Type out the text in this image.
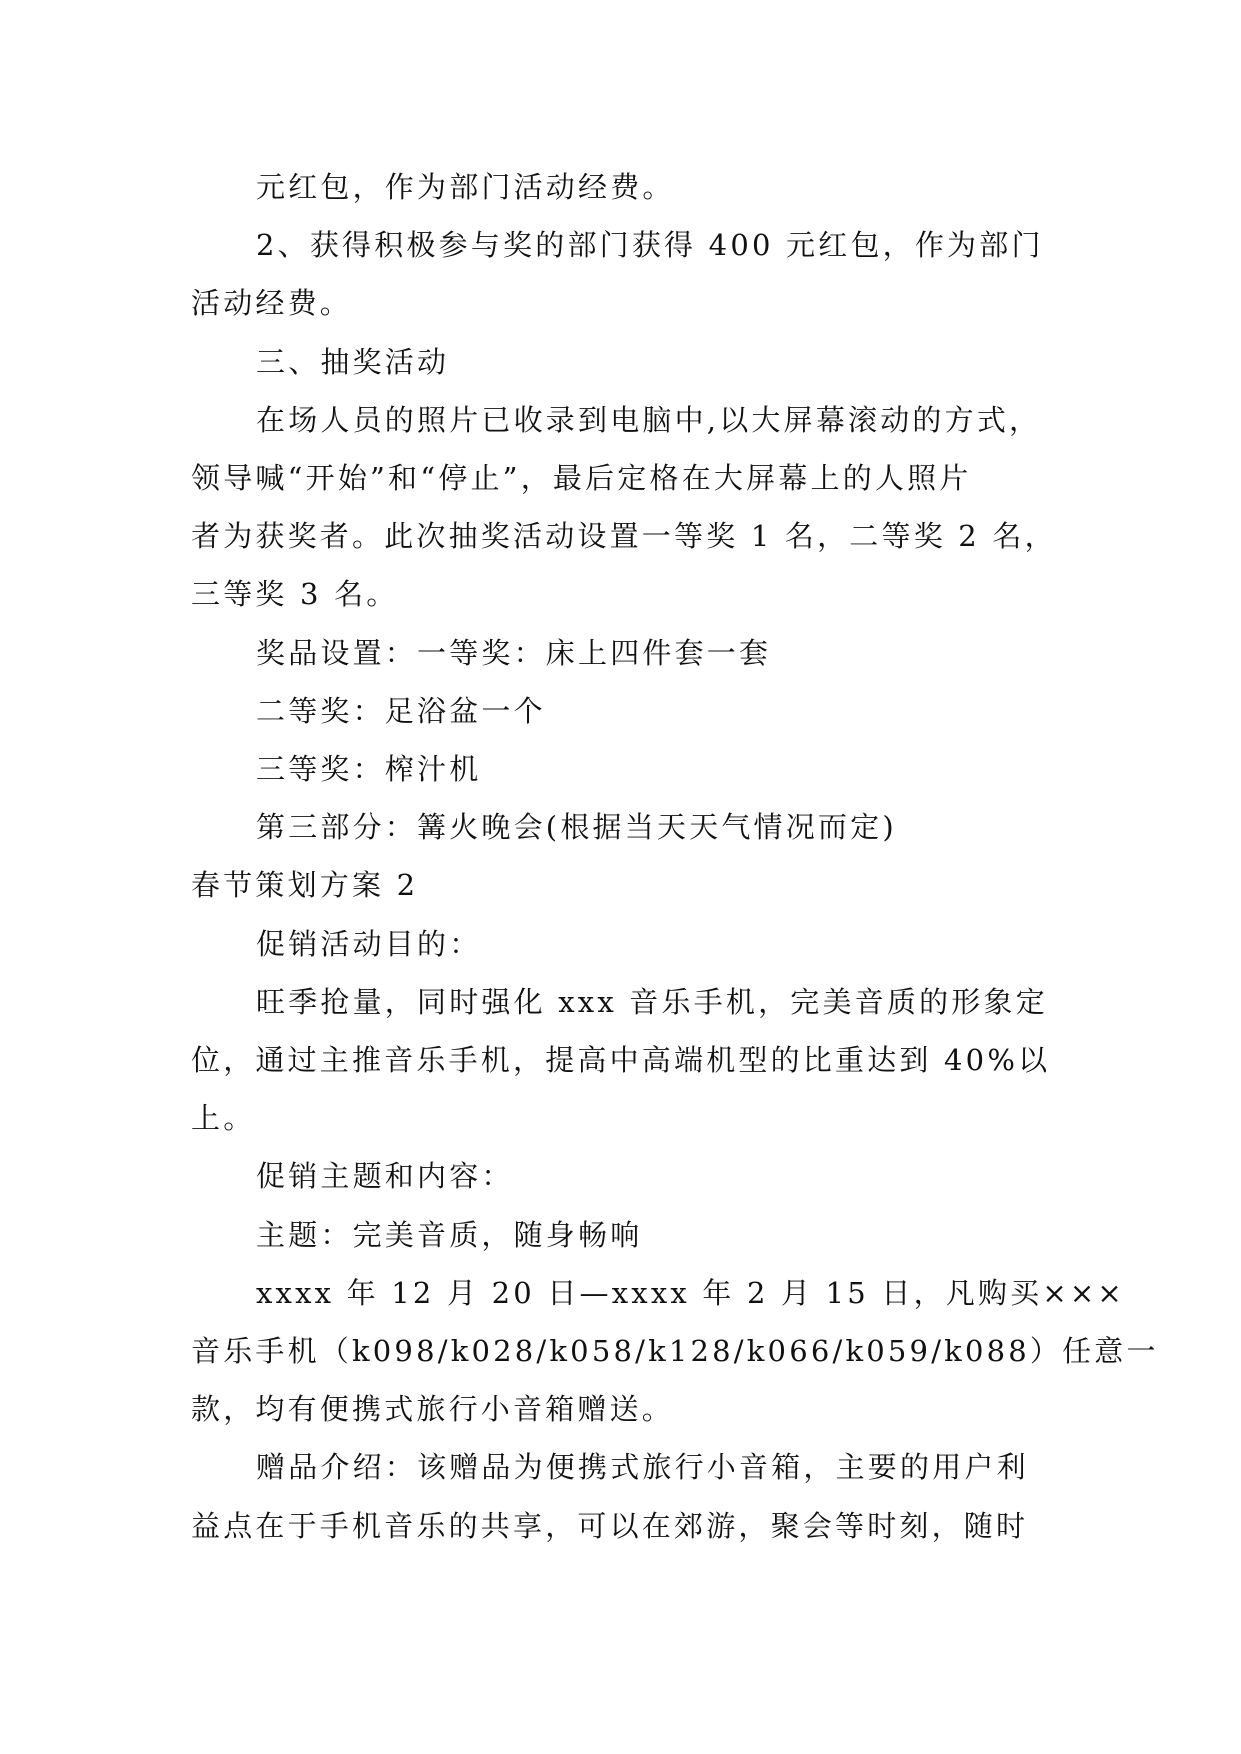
元红包，作为部门活动经费。

2、获得积极参与奖的部门获得 400 元红包，作为部门

活动经费。

三、抽奖活动

在场人员的照片已收录到电脑中,以大屏幕滚动的方式，

领导喊“开始”和“停止”，最后定格在大屏幕上的人照片

者为获奖者。此次抽奖活动设置一等奖 1 名，二等奖 2 名，

三等奖 3 名。

奖品设置：一等奖：床上四件套一套

二等奖：足浴盆一个

三等奖：榨汁机

第三部分：篝火晚会(根据当天天气情况而定)

春节策划方案 2

促销活动目的：

旺季抢量，同时强化 xxx 音乐手机，完美音质的形象定

位，通过主推音乐手机，提高中高端机型的比重达到 40%以

上。

促销主题和内容：

主题：完美音质，随身畅响

xxxx 年 12 月 20 日—xxxx 年 2 月 15 日，凡购买×××

音乐手机（k098/k028/k058/k128/k066/k059/k088）任意一

款，均有便携式旅行小音箱赠送。

赠品介绍：该赠品为便携式旅行小音箱，主要的用户利

益点在于手机音乐的共享，可以在郊游，聚会等时刻，随时
